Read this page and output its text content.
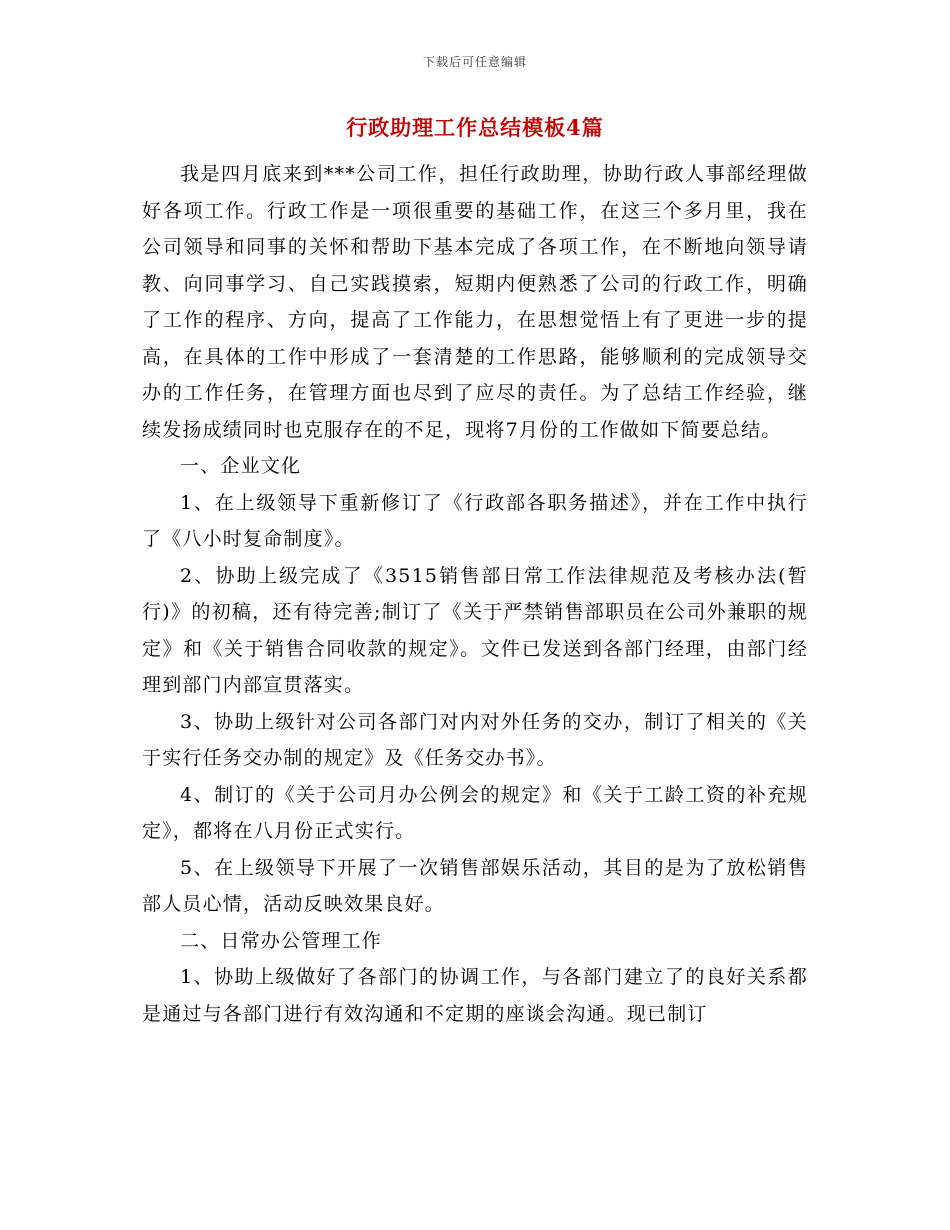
下载后可任意编辑
行政助理工作总结模板4篇

我是四月底来到***公司工作，担任行政助理，协助行政人事部经理做好各项工作。行政工作是一项很重要的基础工作，在这三个多月里，我在公司领导和同事的关怀和帮助下基本完成了各项工作，在不断地向领导请教、向同事学习、自己实践摸索，短期内便熟悉了公司的行政工作，明确了工作的程序、方向，提高了工作能力，在思想觉悟上有了更进一步的提高，在具体的工作中形成了一套清楚的工作思路，能够顺利的完成领导交办的工作任务，在管理方面也尽到了应尽的责任。为了总结工作经验，继续发扬成绩同时也克服存在的不足，现将7月份的工作做如下简要总结。

一、企业文化

1、在上级领导下重新修订了《行政部各职务描述》，并在工作中执行了《八小时复命制度》。

2、协助上级完成了《3515销售部日常工作法律规范及考核办法(暂行)》的初稿，还有待完善;制订了《关于严禁销售部职员在公司外兼职的规定》和《关于销售合同收款的规定》。文件已发送到各部门经理，由部门经理到部门内部宣贯落实。

3、协助上级针对公司各部门对内对外任务的交办，制订了相关的《关于实行任务交办制的规定》及《任务交办书》。

4、制订的《关于公司月办公例会的规定》和《关于工龄工资的补充规定》，都将在八月份正式实行。

5、在上级领导下开展了一次销售部娱乐活动，其目的是为了放松销售部人员心情，活动反映效果良好。

二、日常办公管理工作

1、协助上级做好了各部门的协调工作，与各部门建立了的良好关系都是通过与各部门进行有效沟通和不定期的座谈会沟通。现已制订
